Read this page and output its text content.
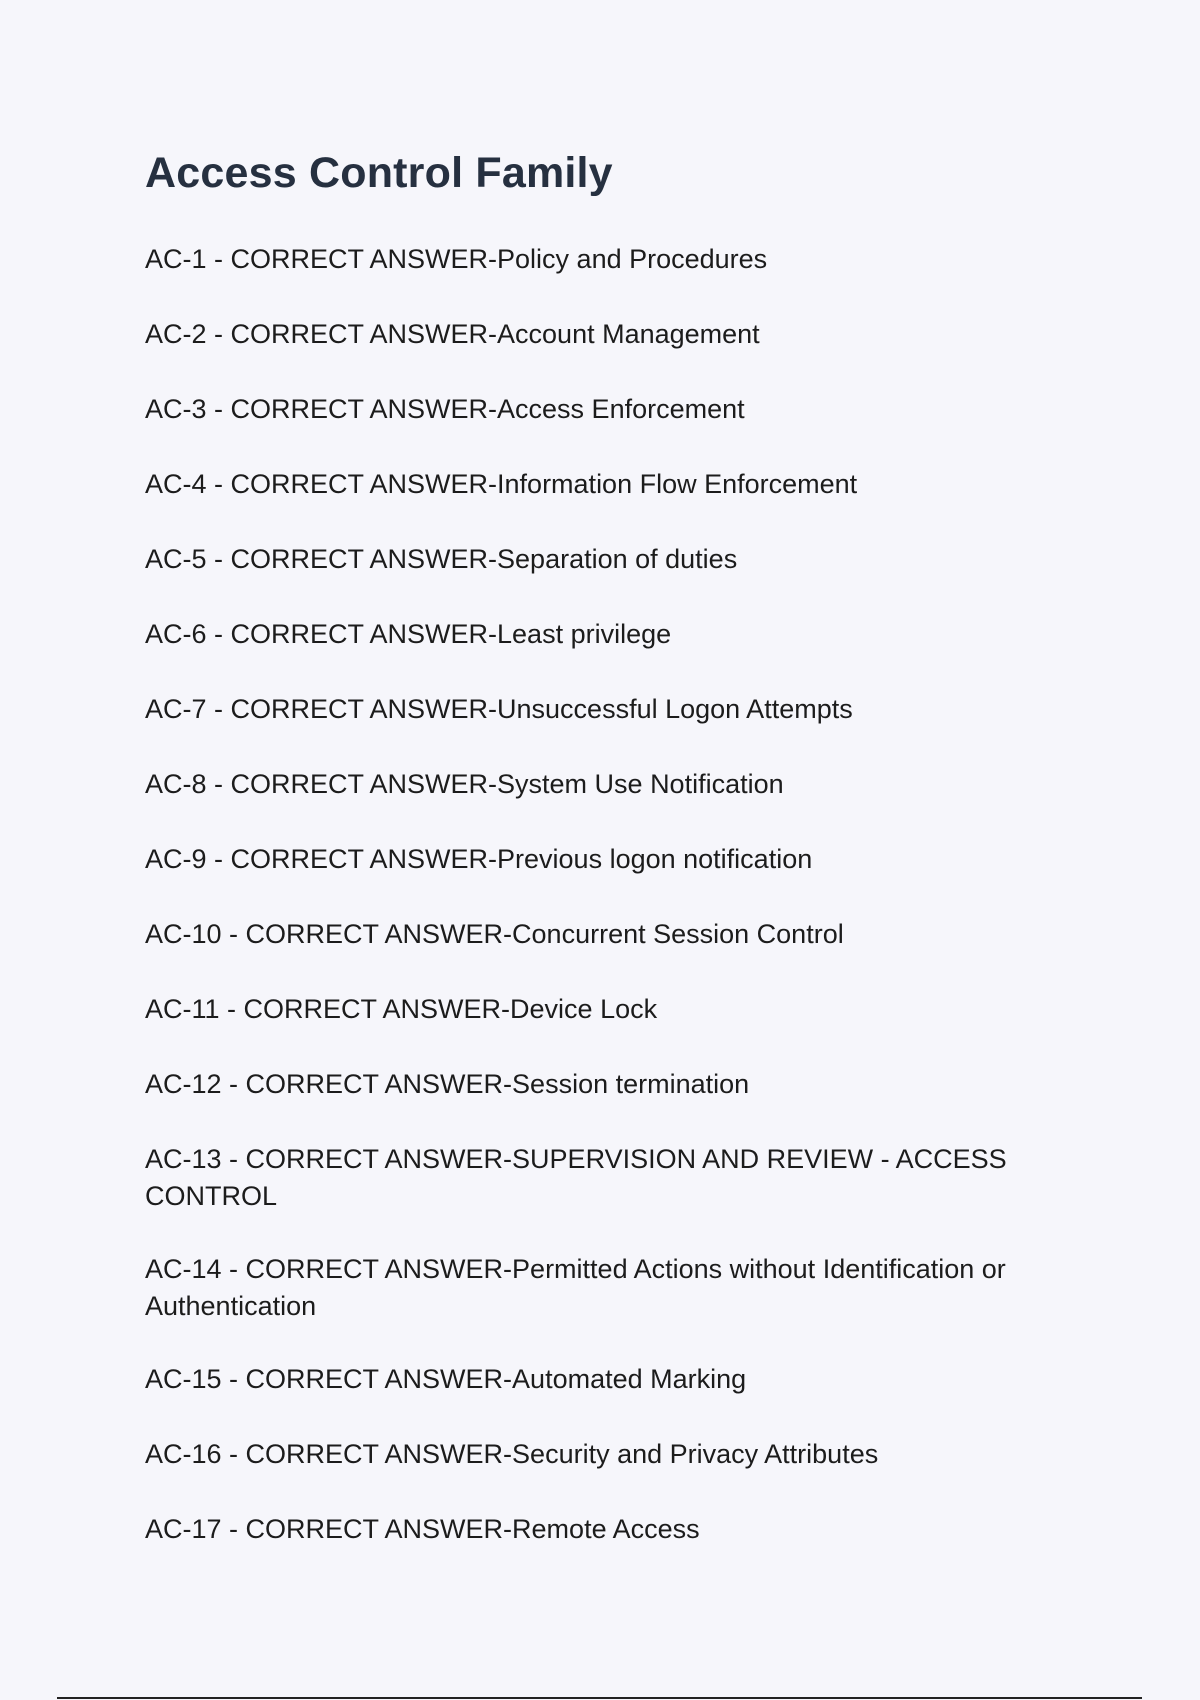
Access Control Family
AC-1 - CORRECT ANSWER-Policy and Procedures
AC-2 - CORRECT ANSWER-Account Management
AC-3 - CORRECT ANSWER-Access Enforcement
AC-4 - CORRECT ANSWER-Information Flow Enforcement
AC-5 - CORRECT ANSWER-Separation of duties
AC-6 - CORRECT ANSWER-Least privilege
AC-7 - CORRECT ANSWER-Unsuccessful Logon Attempts
AC-8 - CORRECT ANSWER-System Use Notification
AC-9 - CORRECT ANSWER-Previous logon notification
AC-10 - CORRECT ANSWER-Concurrent Session Control
AC-11 - CORRECT ANSWER-Device Lock
AC-12 - CORRECT ANSWER-Session termination
AC-13 - CORRECT ANSWER-SUPERVISION AND REVIEW - ACCESS CONTROL
AC-14 - CORRECT ANSWER-Permitted Actions without Identification or Authentication
AC-15 - CORRECT ANSWER-Automated Marking
AC-16 - CORRECT ANSWER-Security and Privacy Attributes
AC-17 - CORRECT ANSWER-Remote Access
